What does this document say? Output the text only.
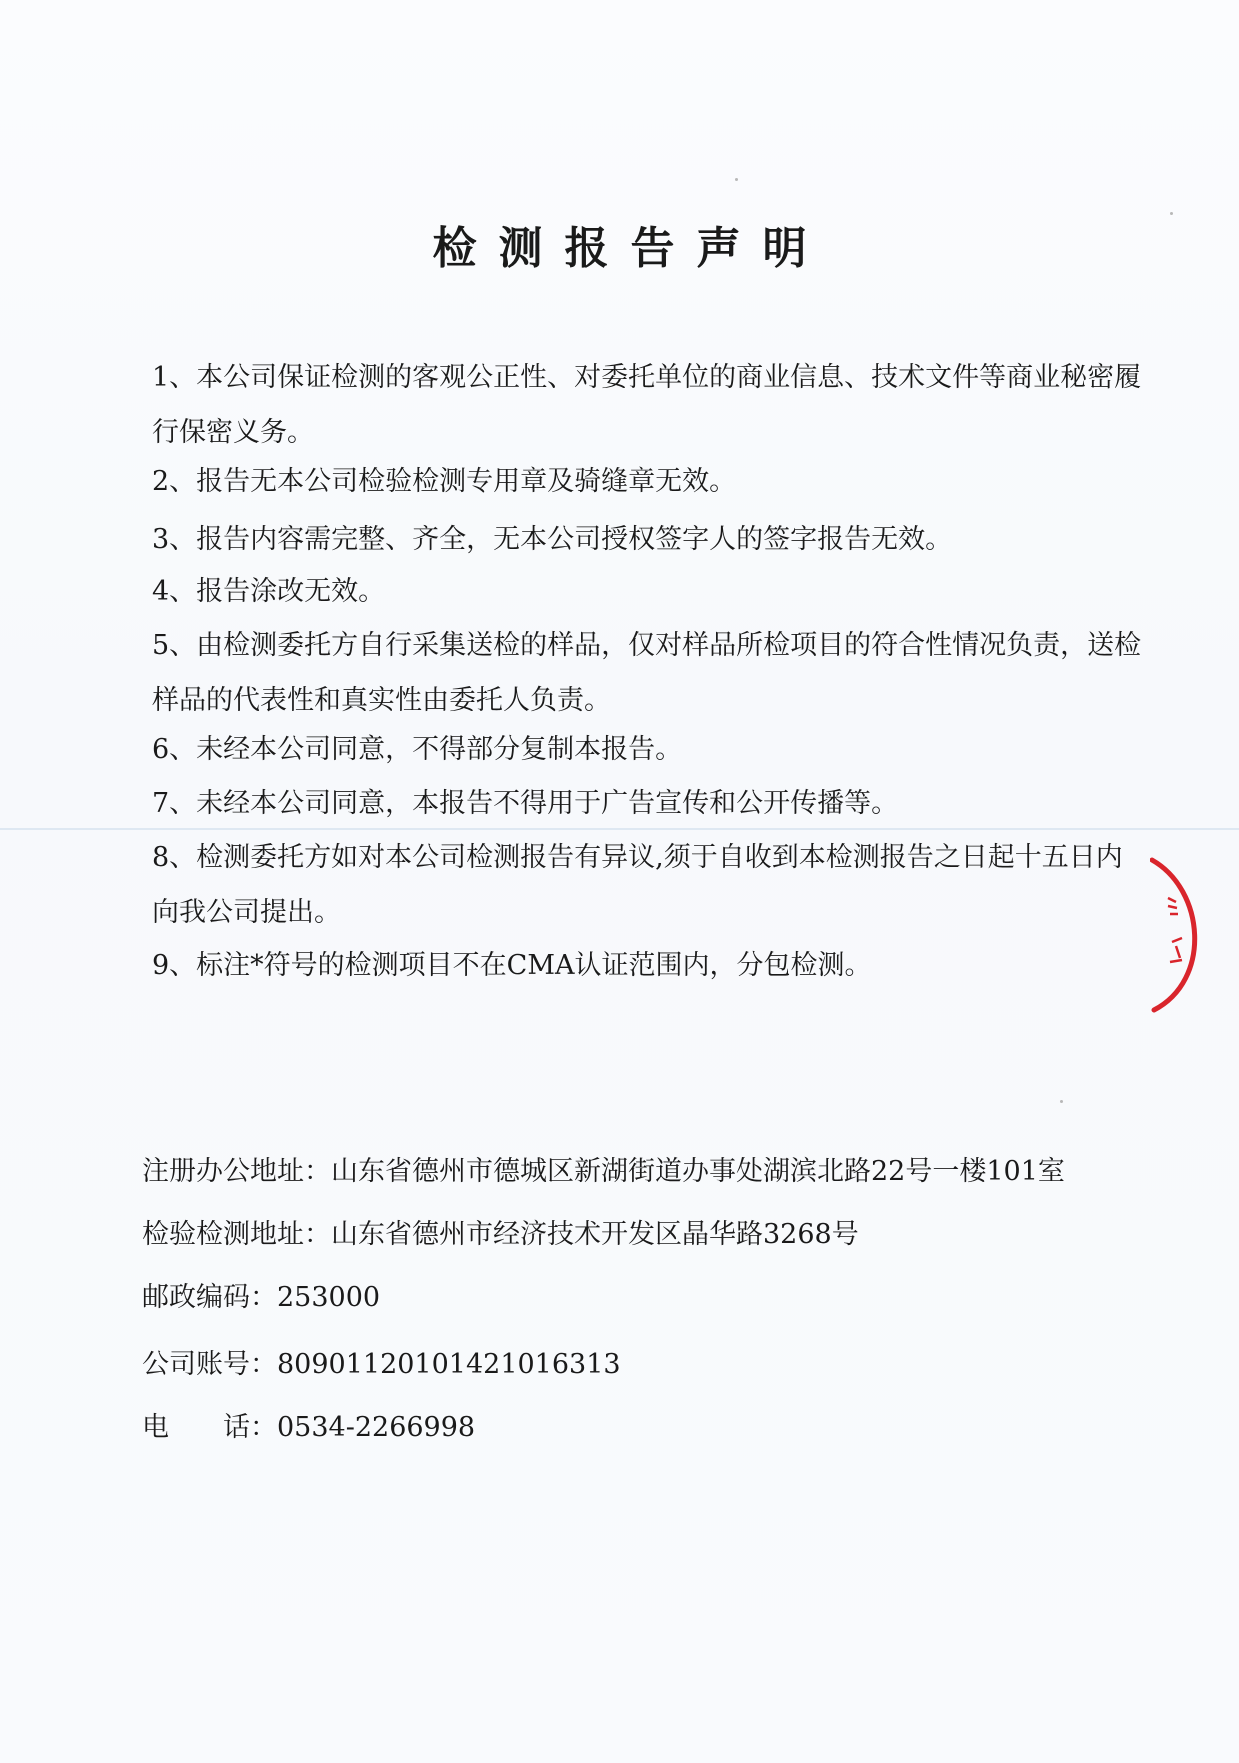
检测报告声明
1、本公司保证检测的客观公正性、对委托单位的商业信息、技术文件等商业秘密履行保密义务。
2、报告无本公司检验检测专用章及骑缝章无效。
3、报告内容需完整、齐全，无本公司授权签字人的签字报告无效。
4、报告涂改无效。
5、由检测委托方自行采集送检的样品，仅对样品所检项目的符合性情况负责，送检样品的代表性和真实性由委托人负责。
6、未经本公司同意，不得部分复制本报告。
7、未经本公司同意，本报告不得用于广告宣传和公开传播等。
8、检测委托方如对本公司检测报告有异议,须于自收到本检测报告之日起十五日内向我公司提出。
9、标注*符号的检测项目不在CMA认证范围内，分包检测。
注册办公地址：山东省德州市德城区新湖街道办事处湖滨北路22号一楼101室
检验检测地址：山东省德州市经济技术开发区晶华路3268号
邮政编码：253000
公司账号：80901120101421016313
电　　话：0534-2266998
